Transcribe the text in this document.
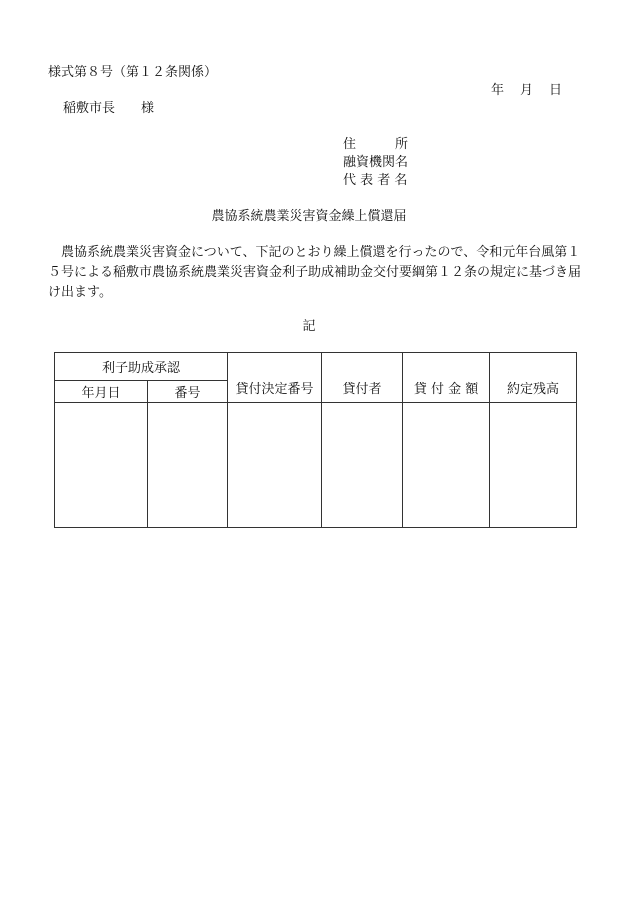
様式第８号（第１２条関係）
年 月 日
稲敷市長 様
住　　　所
融資機関名
代 表 者 名
農協系統農業災害資金繰上償還届
農協系統農業災害資金について、下記のとおり繰上償還を行ったので、令和元年台風第１５号による稲敷市農協系統農業災害資金利子助成補助金交付要綱第１２条の規定に基づき届け出ます。
記
利子助成承認		貸付決定番号	貸付者	貸 付 金 額	約定残高
年月日	番号				
